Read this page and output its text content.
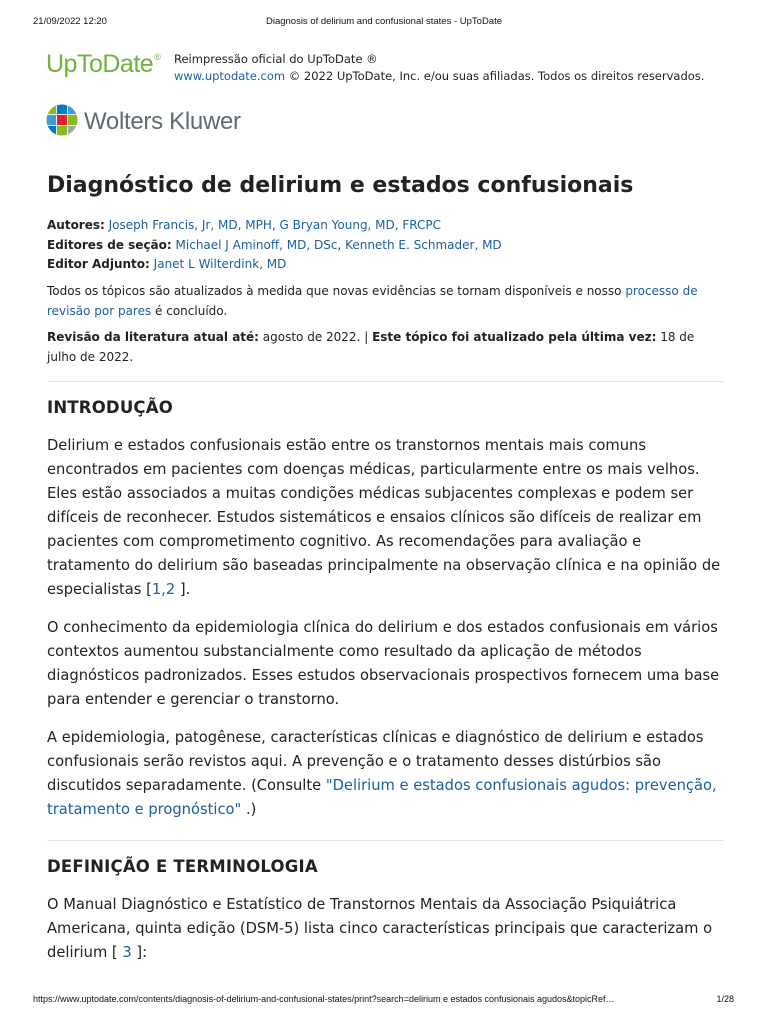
21/09/2022 12:20	Diagnosis of delirium and confusional states - UpToDate
UpToDate® Reimpressão oficial do UpToDate ®
www.uptodate.com © 2022 UpToDate, Inc. e/ou suas afiliadas. Todos os direitos reservados.
Wolters Kluwer
Diagnóstico de delirium e estados confusionais
Autores: Joseph Francis, Jr, MD, MPH, G Bryan Young, MD, FRCPC
Editores de seção: Michael J Aminoff, MD, DSc, Kenneth E. Schmader, MD
Editor Adjunto: Janet L Wilterdink, MD
Todos os tópicos são atualizados à medida que novas evidências se tornam disponíveis e nosso processo de revisão por pares é concluído.
Revisão da literatura atual até: agosto de 2022. | Este tópico foi atualizado pela última vez: 18 de julho de 2022.
INTRODUÇÃO

Delirium e estados confusionais estão entre os transtornos mentais mais comuns encontrados em pacientes com doenças médicas, particularmente entre os mais velhos. Eles estão associados a muitas condições médicas subjacentes complexas e podem ser difíceis de reconhecer. Estudos sistemáticos e ensaios clínicos são difíceis de realizar em pacientes com comprometimento cognitivo. As recomendações para avaliação e tratamento do delirium são baseadas principalmente na observação clínica e na opinião de especialistas [1,2 ].

O conhecimento da epidemiologia clínica do delirium e dos estados confusionais em vários contextos aumentou substancialmente como resultado da aplicação de métodos diagnósticos padronizados. Esses estudos observacionais prospectivos fornecem uma base para entender e gerenciar o transtorno.

A epidemiologia, patogênese, características clínicas e diagnóstico de delirium e estados confusionais serão revistos aqui. A prevenção e o tratamento desses distúrbios são discutidos separadamente. (Consulte "Delirium e estados confusionais agudos: prevenção, tratamento e prognóstico" .)

DEFINIÇÃO E TERMINOLOGIA

O Manual Diagnóstico e Estatístico de Transtornos Mentais da Associação Psiquiátrica Americana, quinta edição (DSM-5) lista cinco características principais que caracterizam o delirium [ 3 ]:

https://www.uptodate.com/contents/diagnosis-of-delirium-and-confusional-states/print?search=delirium e estados confusionais agudos&topicRef…	1/28
